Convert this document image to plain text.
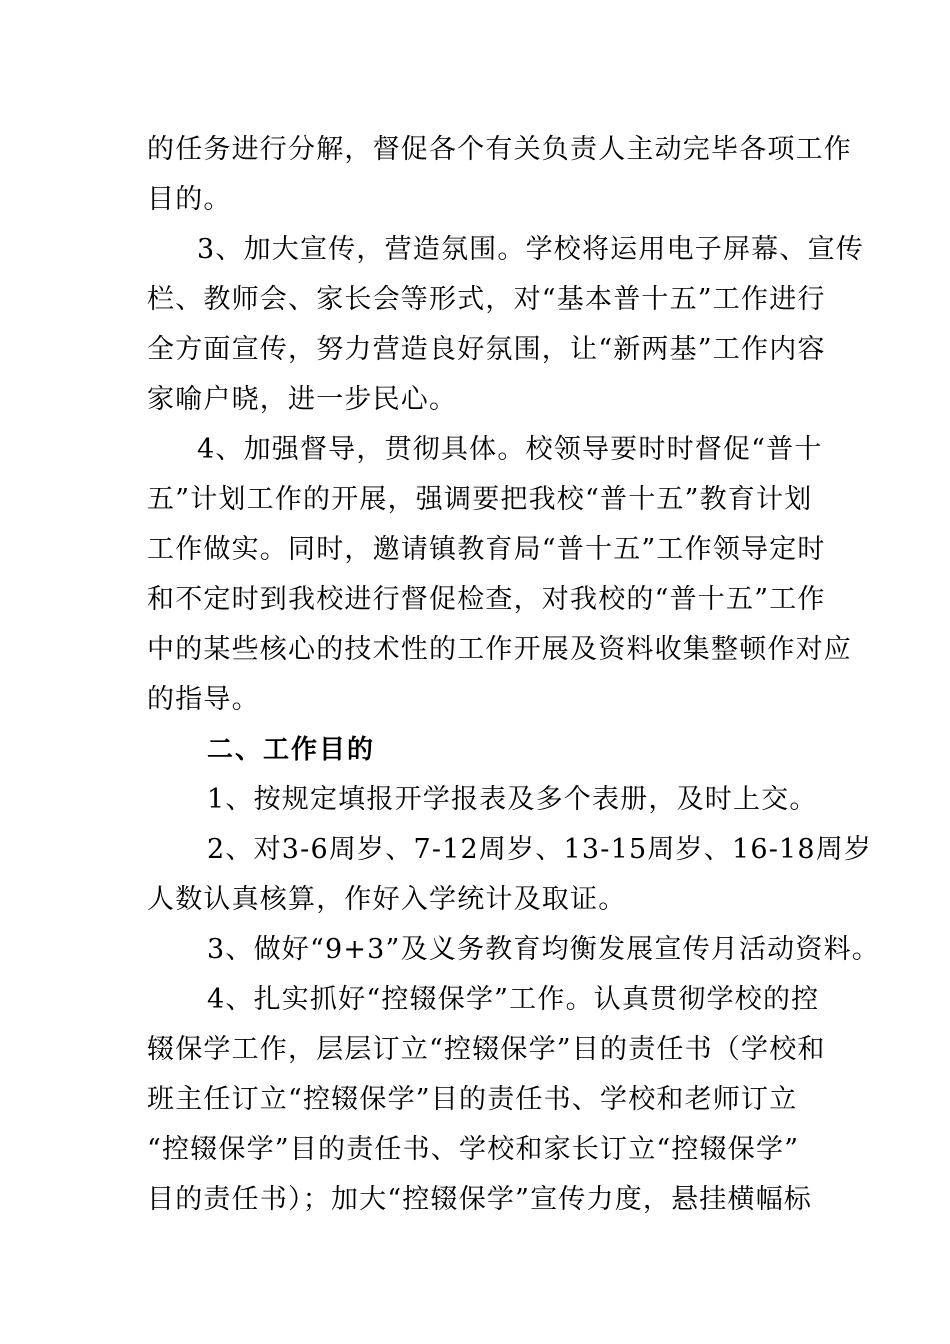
的任务进行分解，督促各个有关负责人主动完毕各项工作
目的。
3、加大宣传，营造氛围。学校将运用电子屏幕、宣传
栏、教师会、家长会等形式，对“基本普十五”工作进行
全方面宣传，努力营造良好氛围，让“新两基”工作内容
家喻户晓，进一步民心。
4、加强督导，贯彻具体。校领导要时时督促“普十
五”计划工作的开展，强调要把我校“普十五”教育计划
工作做实。同时，邀请镇教育局“普十五”工作领导定时
和不定时到我校进行督促检查，对我校的“普十五”工作
中的某些核心的技术性的工作开展及资料收集整顿作对应
的指导。
二、工作目的
1、按规定填报开学报表及多个表册，及时上交。
2、对3-6周岁、7-12周岁、13-15周岁、16-18周岁
人数认真核算，作好入学统计及取证。
3、做好“9+3”及义务教育均衡发展宣传月活动资料。
4、扎实抓好“控辍保学”工作。认真贯彻学校的控
辍保学工作，层层订立“控辍保学”目的责任书（学校和
班主任订立“控辍保学”目的责任书、学校和老师订立
“控辍保学”目的责任书、学校和家长订立“控辍保学”
目的责任书）；加大“控辍保学”宣传力度，悬挂横幅标
